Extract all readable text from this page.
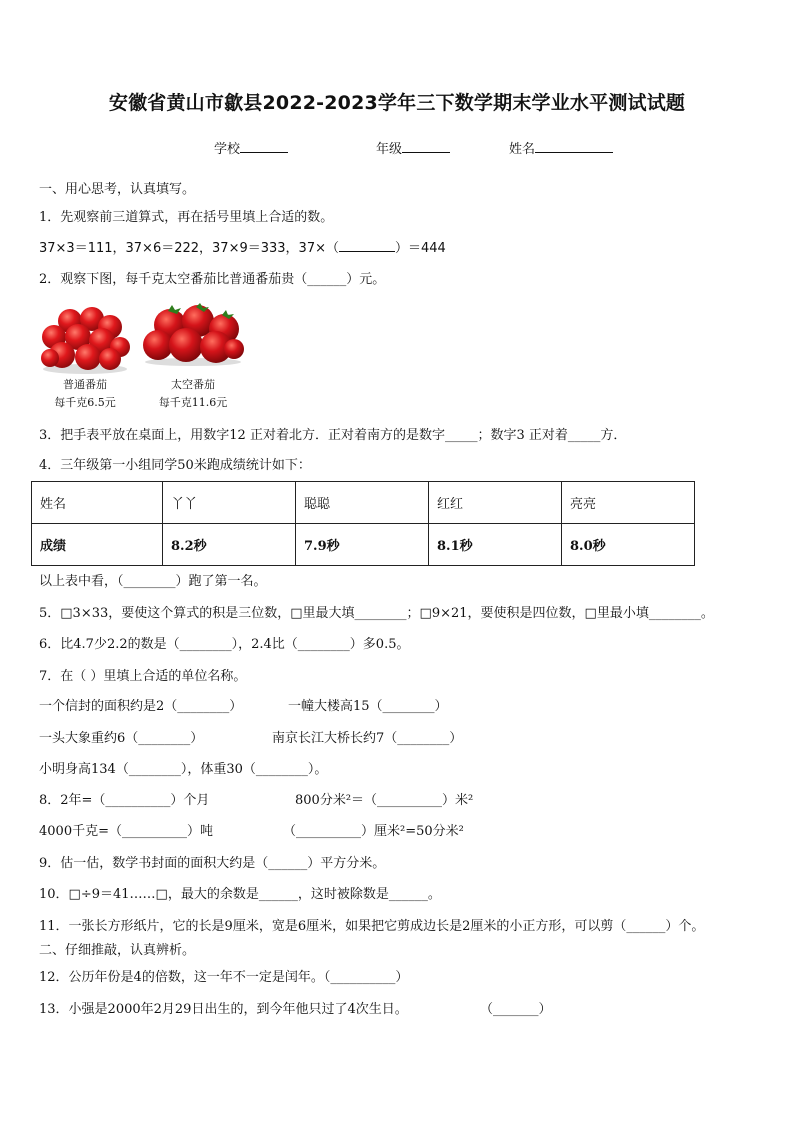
安徽省黄山市歙县2022-2023学年三下数学期末学业水平测试试题
学校	年级	姓名
一、用心思考，认真填写。
1．先观察前三道算式，再在括号里填上合适的数。
37×3＝111，37×6＝222，37×9＝333，37×（	）＝444
2．观察下图，每千克太空番茄比普通番茄贵（______）元。
普通番茄
每千克6.5元
太空番茄
每千克11.6元
3．把手表平放在桌面上，用数字12 正对着北方．正对着南方的是数字_____；数字3 正对着_____方．
4．三年级第一小组同学50米跑成绩统计如下：
姓名	丫丫	聪聪	红红	亮亮
成绩	8.2秒	7.9秒	8.1秒	8.0秒
以上表中看，（________）跑了第一名。
5．□3×33，要使这个算式的积是三位数，□里最大填________；□9×21，要使积是四位数，□里最小填________。
6．比4.7少2.2的数是（________），2.4比（________）多0.5。
7．在（ ）里填上合适的单位名称。
一个信封的面积约是2（________）	一幢大楼高15（________）
一头大象重约6（________）	南京长江大桥长约7（________）
小明身高134（________），体重30（________）。
8．2年=（__________）个月	800分米²＝（__________）米²
4000千克=（__________）吨	（__________）厘米²=50分米²
9．估一估，数学书封面的面积大约是（______）平方分米。
10．□÷9＝41……□，最大的余数是______，这时被除数是______。
11．一张长方形纸片，它的长是9厘米，宽是6厘米，如果把它剪成边长是2厘米的小正方形，可以剪（______）个。
二、仔细推敲，认真辨析。
12．公历年份是4的倍数，这一年不一定是闰年。（__________）
13．小强是2000年2月29日出生的，到今年他只过了4次生日。	（_______）
